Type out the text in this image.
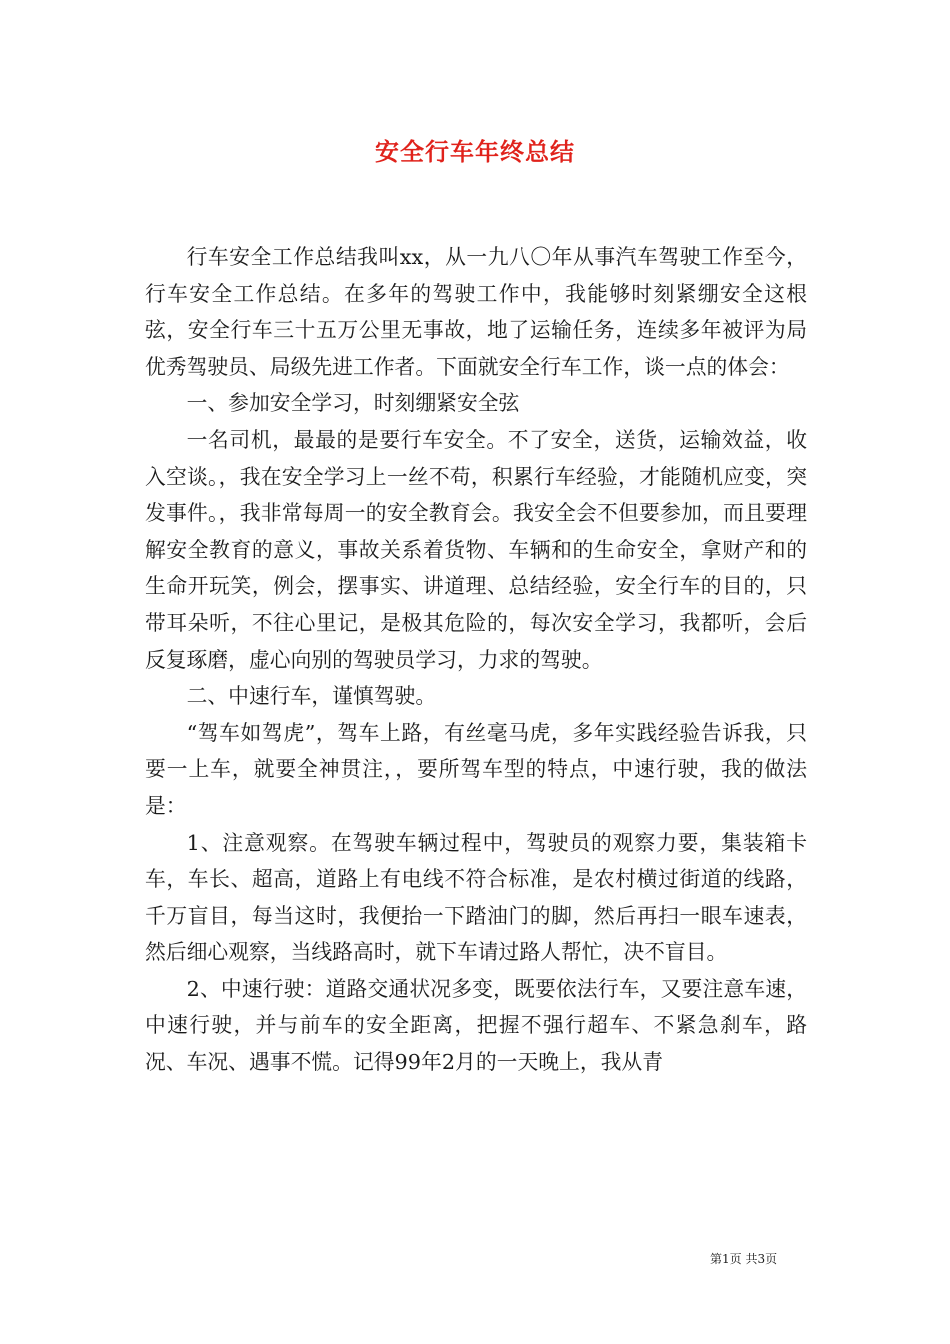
安全行车年终总结

行车安全工作总结我叫xx，从一九八〇年从事汽车驾驶工作至今，行车安全工作总结。在多年的驾驶工作中，我能够时刻紧绷安全这根弦，安全行车三十五万公里无事故，地了运输任务，连续多年被评为局优秀驾驶员、局级先进工作者。下面就安全行车工作，谈一点的体会：

一、参加安全学习，时刻绷紧安全弦

一名司机，最最的是要行车安全。不了安全，送货，运输效益，收入空谈。，我在安全学习上一丝不苟，积累行车经验，才能随机应变，突发事件。，我非常每周一的安全教育会。我安全会不但要参加，而且要理解安全教育的意义，事故关系着货物、车辆和的生命安全，拿财产和的生命开玩笑，例会，摆事实、讲道理、总结经验，安全行车的目的，只带耳朵听，不往心里记，是极其危险的，每次安全学习，我都听，会后反复琢磨，虚心向别的驾驶员学习，力求的驾驶。

二、中速行车，谨慎驾驶。

“驾车如驾虎”，驾车上路，有丝毫马虎，多年实践经验告诉我，只要一上车，就要全神贯注，，要所驾车型的特点，中速行驶，我的做法是：

1、注意观察。在驾驶车辆过程中，驾驶员的观察力要，集装箱卡车，车长、超高，道路上有电线不符合标准，是农村横过街道的线路，千万盲目，每当这时，我便抬一下踏油门的脚，然后再扫一眼车速表，然后细心观察，当线路高时，就下车请过路人帮忙，决不盲目。

2、中速行驶：道路交通状况多变，既要依法行车，又要注意车速，中速行驶，并与前车的安全距离，把握不强行超车、不紧急刹车，路况、车况、遇事不慌。记得99年2月的一天晚上，我从青

第1页 共3页
